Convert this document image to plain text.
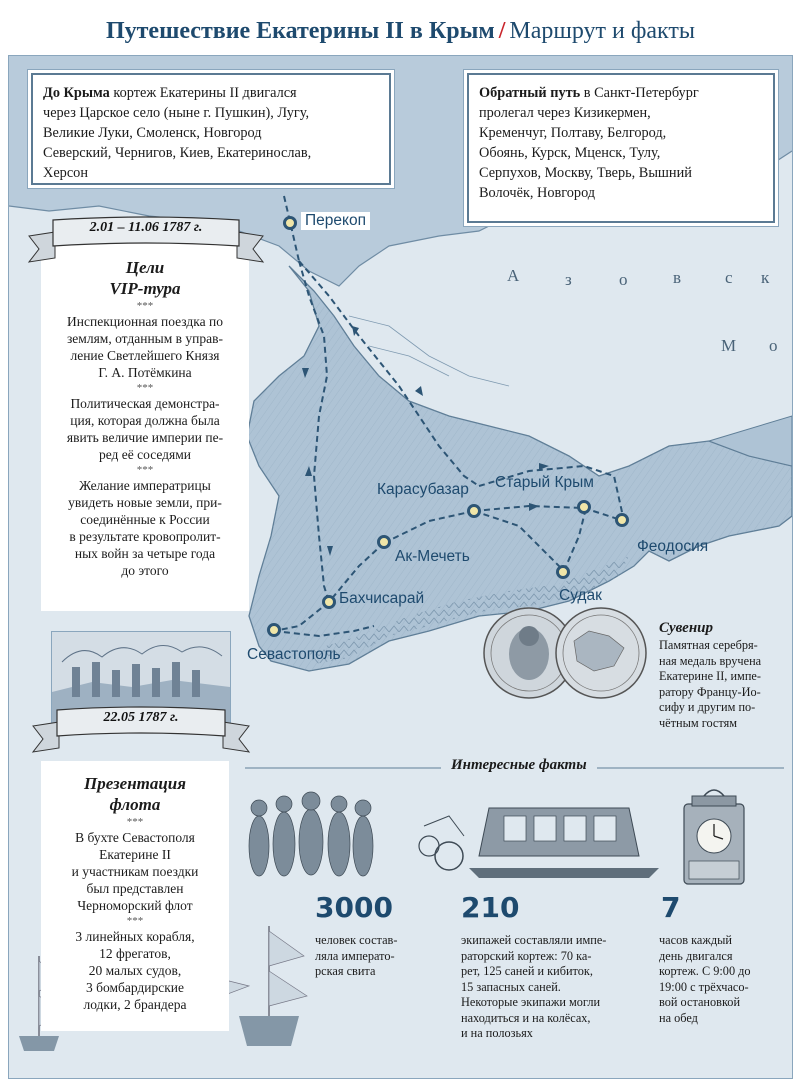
Путешествие Екатерины II в Крым / Маршрут и факты
Перекоп
Карасубазар Старый Крым
Феодосия
Ак-Мечеть
Судак
Бахчисарай
Севастополь
А	з	о	в с к
М о
До Крыма кортеж Екатерины II двигался
через Царское село (ныне г. Пушкин), Лугу,
Великие Луки, Смоленск, Новгород
Северский, Чернигов, Киев, Екатеринослав,
Херсон
Обратный путь в Санкт-Петербург
пролегал через Кизикермен,
Кременчуг, Полтаву, Белгород,
Обоянь, Курск, Мценск, Тулу,
Серпухов, Москву, Тверь, Вышний
Волочёк, Новгород
Цели
VIP-тура
***
Инспекционная поездка по
землям, отданным в управ-
ление Светлейшего Князя
Г. А. Потёмкина
***
Политическая демонстра-
ция, которая должна была
явить величие империи пе-
ред её соседями
***
Желание императрицы
увидеть новые земли, при-
соединённые к России
в результате кровопролит-
ных войн за четыре года
до этого
2.01 – 11.06 1787 г.
Презентация
флота
***
В бухте Севастополя
Екатерине II
и участникам поездки
был представлен
Черноморский флот
***
3 линейных корабля,
12 фрегатов,
20 малых судов,
3 бомбардирские
лодки, 2 брандера
22.05 1787 г.
Сувенир
Памятная серебря-
ная медаль вручена
Екатерине II, импе-
ратору Францу-Ио-
сифу и другим по-
чётным гостям
Интересные факты
3000
человек состав-
ляла императо-
рская свита
210
экипажей составляли импе-
раторский кортеж: 70 ка-
рет, 125 саней и кибиток,
15 запасных саней.
Некоторые экипажи могли
находиться и на колёсах,
и на полозьях
7
часов каждый
день двигался
кортеж. С 9:00 до
19:00 с трёхчасо-
вой остановкой
на обед
